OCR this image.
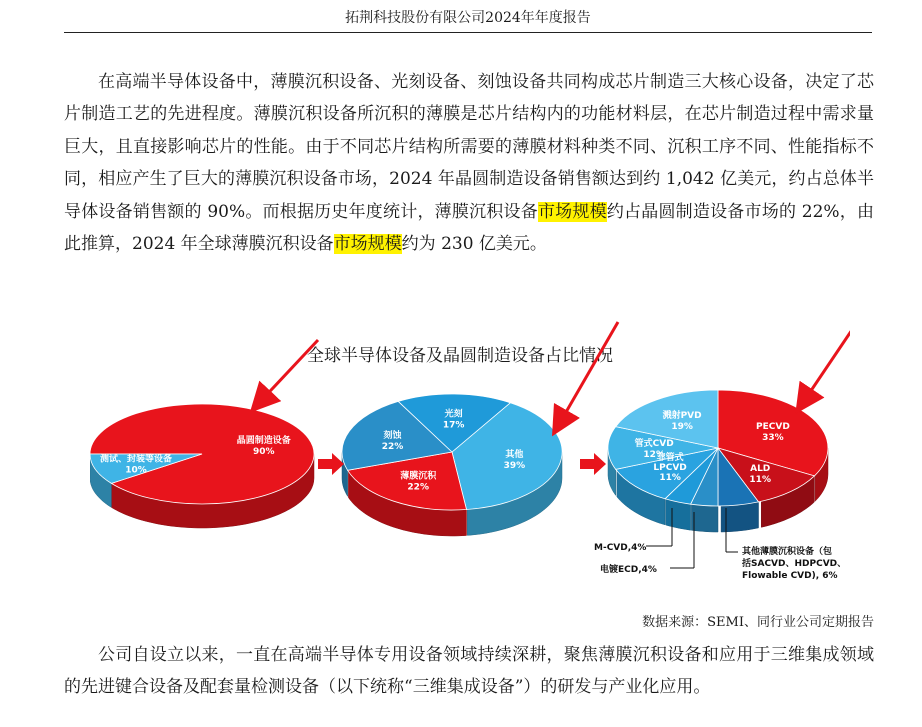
拓荆科技股份有限公司2024年年度报告

在高端半导体设备中，薄膜沉积设备、光刻设备、刻蚀设备共同构成芯片制造三大核心设备，决定了芯片制造工艺的先进程度。薄膜沉积设备所沉积的薄膜是芯片结构内的功能材料层，在芯片制造过程中需求量巨大，且直接影响芯片的性能。由于不同芯片结构所需要的薄膜材料种类不同、沉积工序不同、性能指标不同，相应产生了巨大的薄膜沉积设备市场，2024 年晶圆制造设备销售额达到约 1,042 亿美元，约占总体半导体设备销售额的 90%。而根据历史年度统计，薄膜沉积设备市场规模约占晶圆制造设备市场的 22%，由此推算，2024 年全球薄膜沉积设备市场规模约为 230 亿美元。

全球半导体设备及晶圆制造设备占比情况
晶圆制造设备 90%
测试、封装等设备 10%
其他 39%
薄膜沉积 22%
刻蚀 22%
光刻 17%	PECVD 33%
ALD 11%
非管式 LPCVD 11%
管式CVD 12%
溅射PVD 19%
M-CVD,4%
电镀ECD,4%
其他薄膜沉积设备（包
括SACVD、HDPCVD、
Flowable CVD), 6%
数据来源：SEMI、同行业公司定期报告

公司自设立以来，一直在高端半导体专用设备领域持续深耕，聚焦薄膜沉积设备和应用于三维集成领域的先进键合设备及配套量检测设备（以下统称“三维集成设备”）的研发与产业化应用。
